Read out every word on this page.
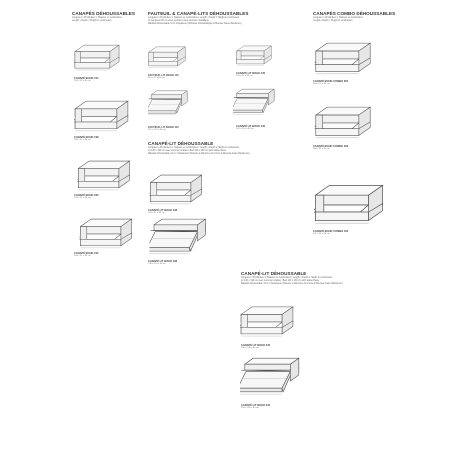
CANAPÉS DÉHOUSSABLES
Longueur x Profondeur x Hauteur en centimètres
Length x Depth x Height in centimeters
FAUTEUIL & CANAPÉ-LITS DÉHOUSSABLES
Longueur x Profondeur x Hauteur en centimètres / Length x Depth x Height in centimeters
Lit Longueur 80 cm avec sommier avec structure métallique
Matelas déhoussable 9 cm d'épaisseur (Mousse Viscoélastique & Mousse haute Résilience)
CANAPÉS COMBO DÉHOUSSABLES
Longueur x Profondeur x Hauteur en centimètres
Length x Depth x Height in centimeters
CANAPÉ-LIT DÉHOUSSABLE
Longueur x Profondeur x Hauteur en centimètres / Length x Depth x Height in centimeters
Lit 140 x 190 cm avec sommier à lattes / Bed 140 x 190 cm with slatted base
Matelas déhoussable 14 cm d'épaisseur (Mousse à Mémoire de Forme & Mousse haute Résilience)
CANAPÉ-LIT DÉHOUSSABLE
Longueur x Profondeur x Hauteur en centimètres / Length x Depth x Height in centimeters
Lit 140 x 190 cm avec sommier à lattes / Bed 140 x 190 cm with slatted base
Matelas déhoussable 14 cm d'épaisseur (Mousse à Mémoire de Forme & Mousse haute Résilience)
CANAPÉ BOHO 154
154 x 97 x 80 cm
CANAPÉ BOHO 198
198 x 97 x 80 cm
CANAPÉ BOHO 220
220 x 97 x 80 cm
CANAPÉ BOHO 240
240 x 97 x 80 cm
FAUTEUIL LIT BOHO 115
115 x 97 x 80 cm
FAUTEUIL LIT BOHO 115
115 x 210 x 80 cm
CANAPÉ LIT BOHO 135
135 x 97 x 80 cm
CANAPÉ LIT BOHO 135
135 x 210 x 80 cm
CANAPÉ LIT BOHO 198
198 x 97 x 80 cm
CANAPÉ LIT BOHO 198
198 x 210 x 80 cm
CANAPÉ BOHO COMBO 364
364 x 97 x 80 cm
CANAPÉ BOHO COMBO 384
384 x 97 x 80 cm
CANAPÉ BOHO COMBO 432
432 x 97 x 80 cm
CANAPÉ LIT BOHO 240
240 x 106 x 80 cm
CANAPÉ LIT BOHO 240
240 x 190 x 80 cm
